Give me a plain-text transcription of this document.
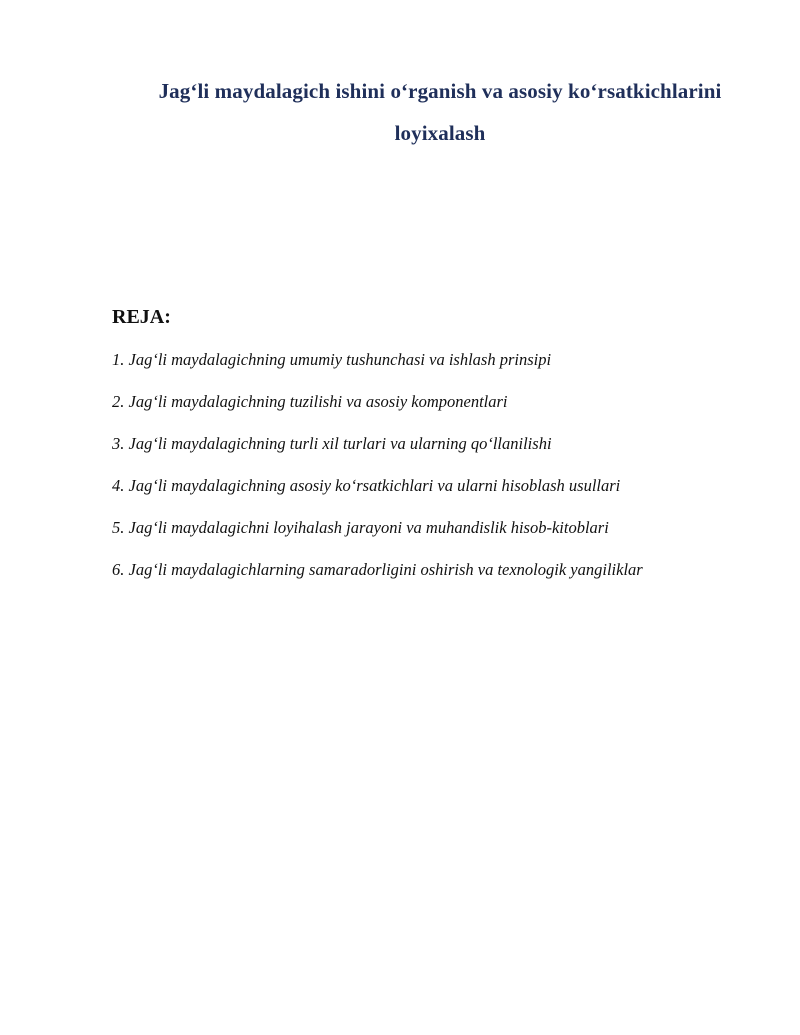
Jag‘li maydalagich ishini o‘rganish va asosiy ko‘rsatkichlarini
loyixalash
REJA:
1. Jag‘li maydalagichning umumiy tushunchasi va ishlash prinsipi
2. Jag‘li maydalagichning tuzilishi va asosiy komponentlari
3. Jag‘li maydalagichning turli xil turlari va ularning qo‘llanilishi
4. Jag‘li maydalagichning asosiy ko‘rsatkichlari va ularni hisoblash usullari
5. Jag‘li maydalagichni loyihalash jarayoni va muhandislik hisob-kitoblari
6. Jag‘li maydalagichlarning samaradorligini oshirish va texnologik yangiliklar
